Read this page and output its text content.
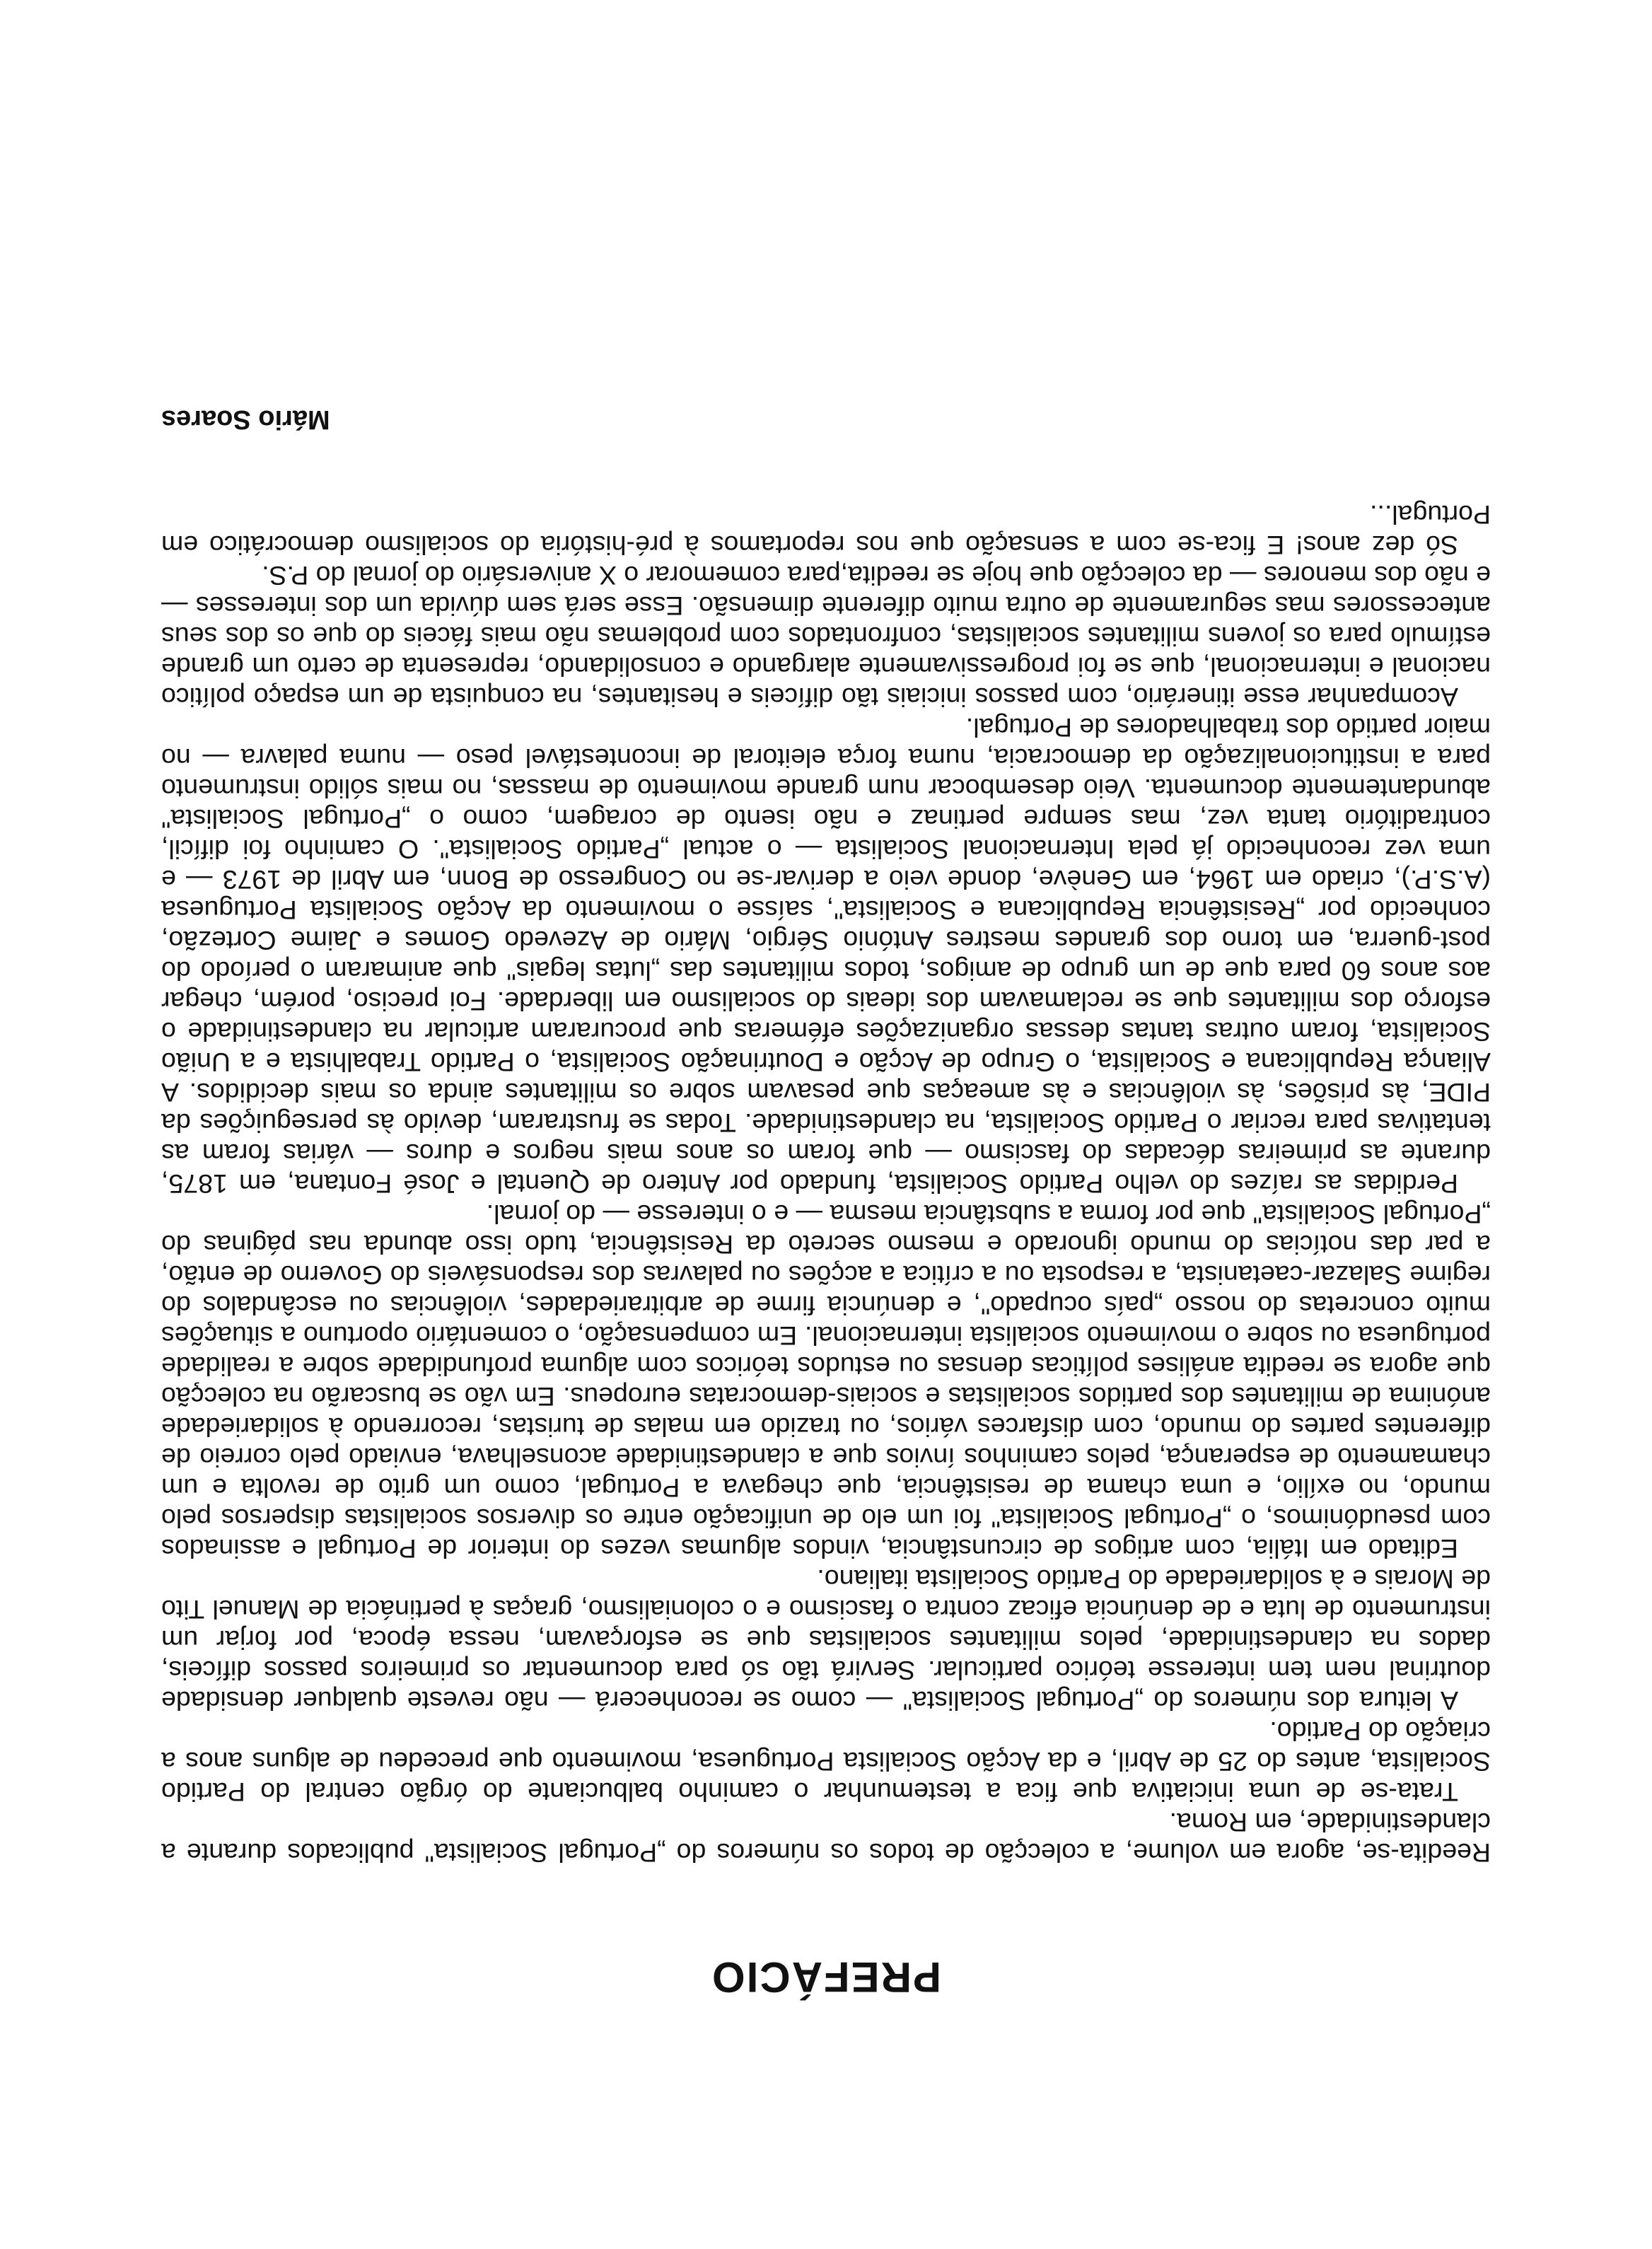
PREFÁCIO

Reedita-se, agora em volume, a colecção de todos os números do „Portugal Socialista" publicados durante a clandestinidade, em Roma.

Trata-se de uma iniciativa que fica a testemunhar o caminho balbuciante do órgão central do Partido Socialista, antes do 25 de Abril, e da Acção Socialista Portuguesa, movimento que precedeu de alguns anos a criação do Partido.

A leitura dos números do „Portugal Socialista" — como se reconhecerá — não reveste qualquer densidade doutrinal nem tem interesse teórico particular. Servirá tão só para documentar os primeiros passos difíceis, dados na clandestinidade, pelos militantes socialistas que se esforçavam, nessa época, por forjar um instrumento de luta e de denúncia eficaz contra o fascismo e o colonialismo, graças à pertinácia de Manuel Tito de Morais e à solidariedade do Partido Socialista italiano.

Editado em Itália, com artigos de circunstância, vindos algumas vezes do interior de Portugal e assinados com pseudónimos, o „Portugal Socialista" foi um elo de unificação entre os diversos socialistas dispersos pelo mundo, no exílio, e uma chama de resistência, que chegava a Portugal, como um grito de revolta e um chamamento de esperança, pelos caminhos ínvios que a clandestinidade aconselhava, enviado pelo correio de diferentes partes do mundo, com disfarces vários, ou trazido em malas de turistas, recorrendo à solidariedade anónima de militantes dos partidos socialistas e sociais-democratas europeus. Em vão se buscarão na colecção que agora se reedita análises políticas densas ou estudos teóricos com alguma profundidade sobre a realidade portuguesa ou sobre o movimento socialista internacional. Em compensação, o comentário oportuno a situações muito concretas do nosso „país ocupado", e denúncia firme de arbitrariedades, violências ou escândalos do regime Salazar-caetanista, a resposta ou a crítica a acções ou palavras dos responsáveis do Governo de então, a par das notícias do mundo ignorado e mesmo secreto da Resistência, tudo isso abunda nas páginas do „Portugal Socialista" que por forma a substância mesma — e o interesse — do jornal.

Perdidas as raízes do velho Partido Socialista, fundado por Antero de Quental e José Fontana, em 1875, durante as primeiras décadas do fascismo — que foram os anos mais negros e duros — várias foram as tentativas para recriar o Partido Socialista, na clandestinidade. Todas se frustraram, devido às perseguições da PIDE, às prisões, às violências e às ameaças que pesavam sobre os militantes ainda os mais decididos. A Aliança Republicana e Socialista, o Grupo de Acção e Doutrinação Socialista, o Partido Trabalhista e a União Socialista, foram outras tantas dessas organizações efémeras que procuraram articular na clandestinidade o esforço dos militantes que se reclamavam dos ideais do socialismo em liberdade. Foi preciso, porém, chegar aos anos 60 para que de um grupo de amigos, todos militantes das „lutas legais" que animaram o período do post-guerra, em torno dos grandes mestres António Sérgio, Mário de Azevedo Gomes e Jaime Cortezão, conhecido por „Resistência Republicana e Socialista", saísse o movimento da Acção Socialista Portuguesa (A.S.P.), criado em 1964, em Genève, donde veio a derivar-se no Congresso de Bonn, em Abril de 1973 — e uma vez reconhecido já pela Internacional Socialista — o actual „Partido Socialista". O caminho foi difícil, contraditório tanta vez, mas sempre pertinaz e não isento de coragem, como o „Portugal Socialista" abundantemente documenta. Veio desembocar num grande movimento de massas, no mais sólido instrumento para a institucionalização da democracia, numa força eleitoral de incontestável peso — numa palavra — no maior partido dos trabalhadores de Portugal.

Acompanhar esse itinerário, com passos iniciais tão difíceis e hesitantes, na conquista de um espaço político nacional e internacional, que se foi progressivamente alargando e consolidando, representa de certo um grande estímulo para os jovens militantes socialistas, confrontados com problemas não mais fáceis do que os dos seus antecessores mas seguramente de outra muito diferente dimensão. Esse será sem dúvida um dos interesses — e não dos menores — da colecção que hoje se reedita,para comemorar o X aniversário do jornal do P.S.

Só dez anos! E fica-se com a sensação que nos reportamos à pré-história do socialismo democrático em Portugal...

Mário Soares
